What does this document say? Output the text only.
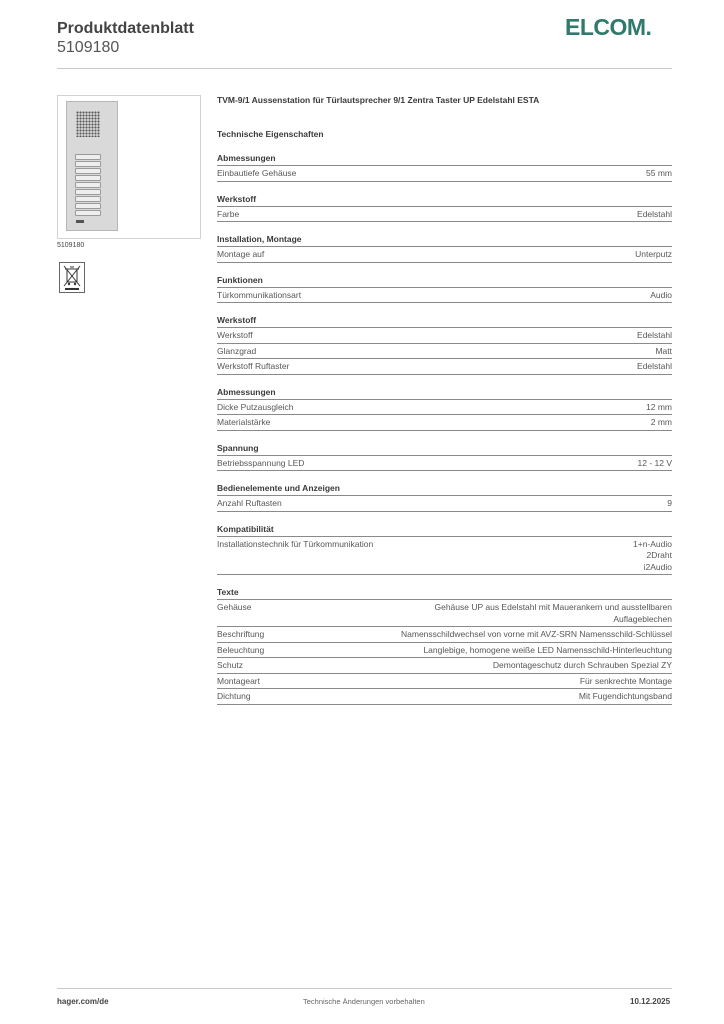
Produktdatenblatt
5109180
ELCOM.
5109180
TVM-9/1 Aussenstation für Türlautsprecher 9/1 Zentra Taster UP Edelstahl ESTA
Technische Eigenschaften
Abmessungen
Einbautiefe Gehäuse	55 mm
Werkstoff
Farbe	Edelstahl
Installation, Montage
Montage auf	Unterputz
Funktionen
Türkommunikationsart	Audio
Werkstoff
Werkstoff	Edelstahl
Glanzgrad	Matt
Werkstoff Ruftaster	Edelstahl
Abmessungen
Dicke Putzausgleich	12 mm
Materialstärke	2 mm
Spannung
Betriebsspannung LED	12 - 12 V
Bedienelemente und Anzeigen
Anzahl Ruftasten	9
Kompatibilität
Installationstechnik für Türkommunikation	1+n-Audio
2Draht
i2Audio
Texte
Gehäuse	Gehäuse UP aus Edelstahl mit Mauerankern und ausstellbaren Auflageblechen
Beschriftung	Namensschildwechsel von vorne mit AVZ-SRN Namensschild-Schlüssel
Beleuchtung	Langlebige, homogene weiße LED Namensschild-Hinterleuchtung
Schutz	Demontageschutz durch Schrauben Spezial ZY
Montageart	Für senkrechte Montage
Dichtung	Mit Fugendichtungsband
hager.com/de	Technische Änderungen vorbehalten	10.12.2025
